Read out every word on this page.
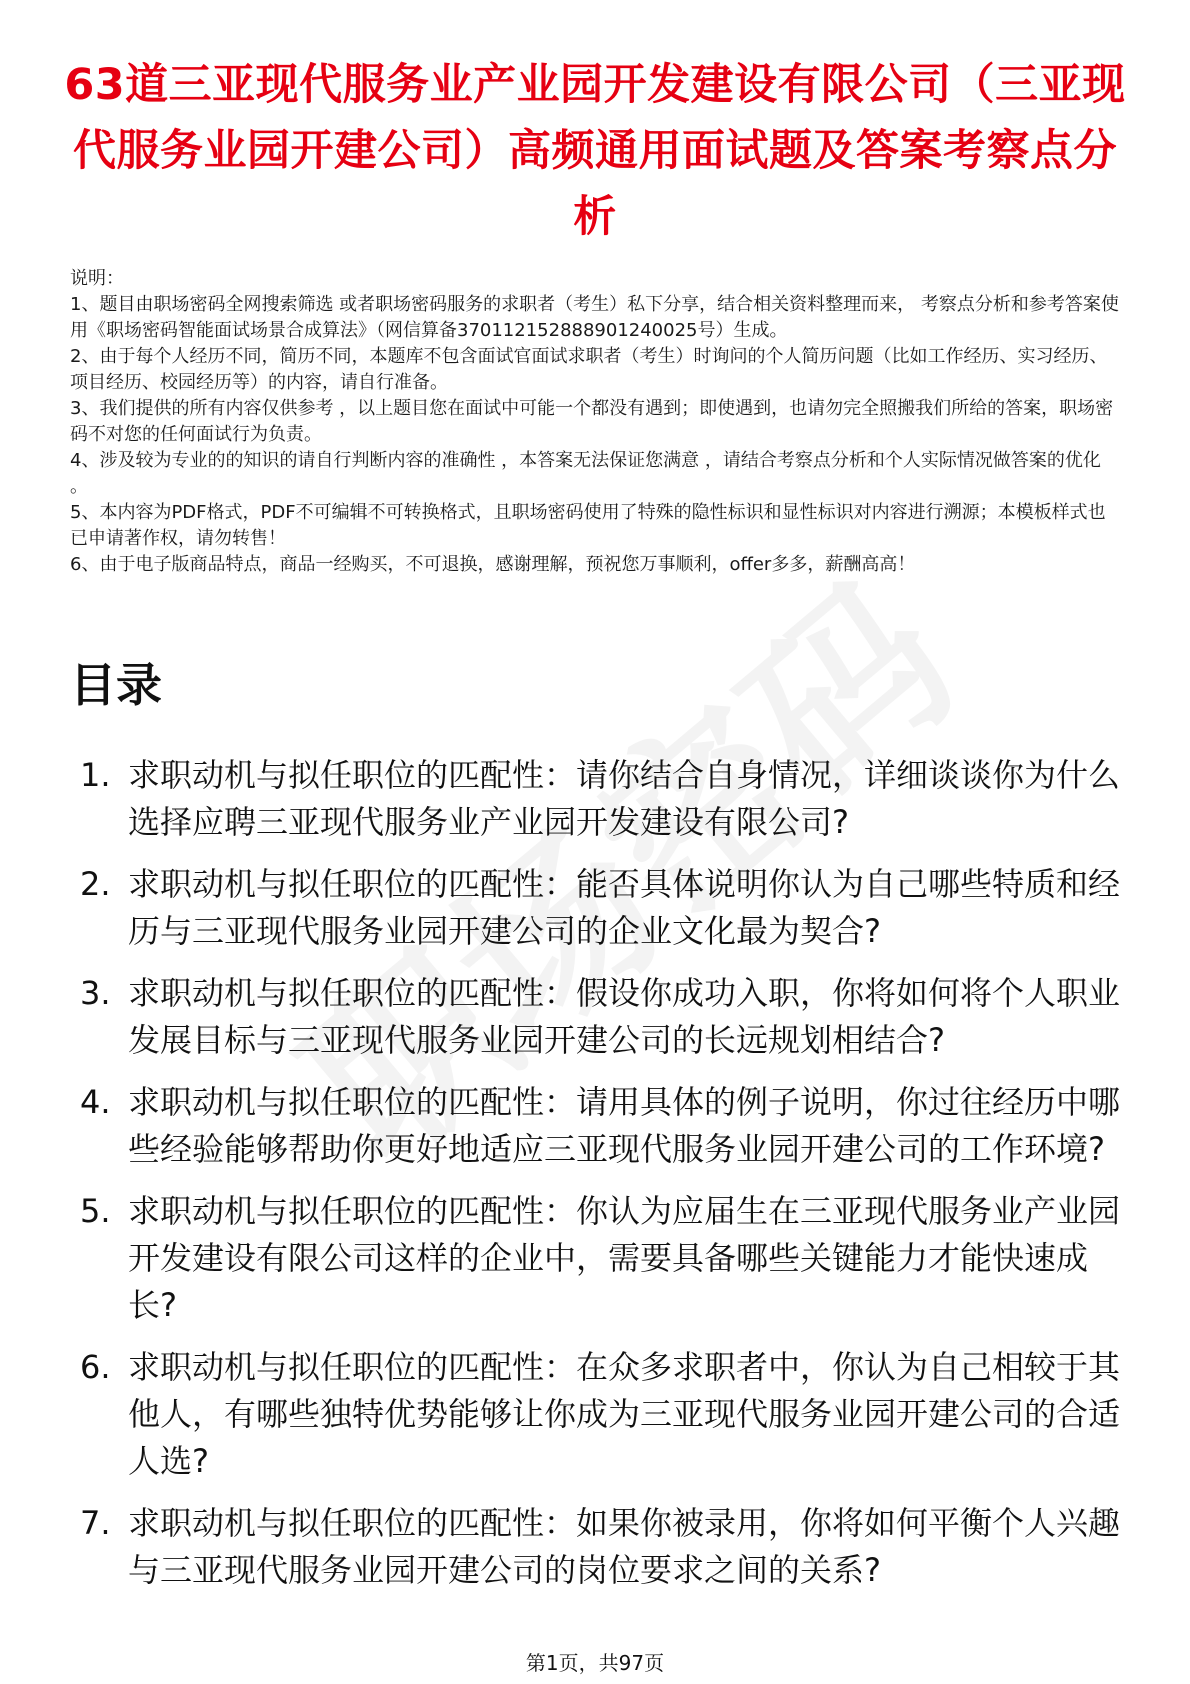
63道三亚现代服务业产业园开发建设有限公司（三亚现代服务业园开建公司）高频通用面试题及答案考察点分析

说明：

1、题目由职场密码全网搜索筛选 或者职场密码服务的求职者（考生）私下分享，结合相关资料整理而来， 考察点分析和参考答案使用《职场密码智能面试场景合成算法》（网信算备370112152888901240025号）生成。

2、由于每个人经历不同，简历不同，本题库不包含面试官面试求职者（考生）时询问的个人简历问题（比如工作经历、实习经历、项目经历、校园经历等）的内容，请自行准备。

3、我们提供的所有内容仅供参考 ，以上题目您在面试中可能一个都没有遇到；即使遇到，也请勿完全照搬我们所给的答案，职场密码不对您的任何面试行为负责。

4、涉及较为专业的的知识的请自行判断内容的准确性 ，本答案无法保证您满意 ，请结合考察点分析和个人实际情况做答案的优化 。

5、本内容为PDF格式，PDF不可编辑不可转换格式，且职场密码使用了特殊的隐性标识和显性标识对内容进行溯源；本模板样式也已申请著作权，请勿转售！

6、由于电子版商品特点，商品一经购买，不可退换，感谢理解，预祝您万事顺利，offer多多，薪酬高高！

目录
1. 求职动机与拟任职位的匹配性：请你结合自身情况，详细谈谈你为什么选择应聘三亚现代服务业产业园开发建设有限公司?
2. 求职动机与拟任职位的匹配性：能否具体说明你认为自己哪些特质和经历与三亚现代服务业园开建公司的企业文化最为契合?
3. 求职动机与拟任职位的匹配性：假设你成功入职，你将如何将个人职业发展目标与三亚现代服务业园开建公司的长远规划相结合?
4. 求职动机与拟任职位的匹配性：请用具体的例子说明，你过往经历中哪些经验能够帮助你更好地适应三亚现代服务业园开建公司的工作环境?
5. 求职动机与拟任职位的匹配性：你认为应届生在三亚现代服务业产业园开发建设有限公司这样的企业中，需要具备哪些关键能力才能快速成长?
6. 求职动机与拟任职位的匹配性：在众多求职者中，你认为自己相较于其他人，有哪些独特优势能够让你成为三亚现代服务业园开建公司的合适人选?
7. 求职动机与拟任职位的匹配性：如果你被录用，你将如何平衡个人兴趣与三亚现代服务业园开建公司的岗位要求之间的关系?
第1页，共97页
